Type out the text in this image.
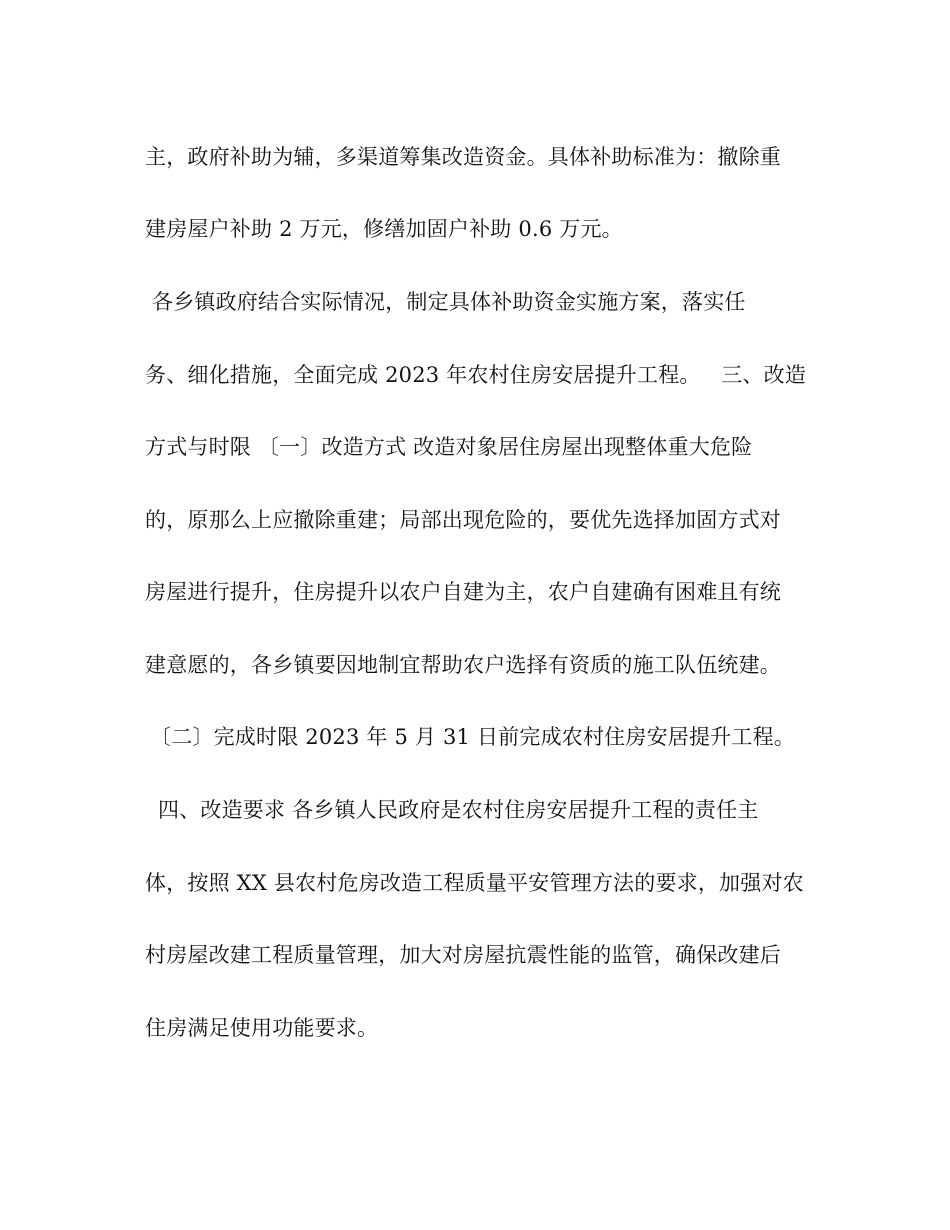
主，政府补助为辅，多渠道筹集改造资金。具体补助标准为：撤除重
建房屋户补助 2 万元，修缮加固户补助 0.6 万元。
各乡镇政府结合实际情况，制定具体补助资金实施方案，落实任
务、细化措施，全面完成 2023 年农村住房安居提升工程。   三、改造
方式与时限 〔一〕改造方式 改造对象居住房屋出现整体重大危险
的，原那么上应撤除重建；局部出现危险的，要优先选择加固方式对
房屋进行提升，住房提升以农户自建为主，农户自建确有困难且有统
建意愿的，各乡镇要因地制宜帮助农户选择有资质的施工队伍统建。
〔二〕完成时限 2023 年 5 月 31 日前完成农村住房安居提升工程。
四、改造要求 各乡镇人民政府是农村住房安居提升工程的责任主
体，按照 XX 县农村危房改造工程质量平安管理方法的要求，加强对农
村房屋改建工程质量管理，加大对房屋抗震性能的监管，确保改建后
住房满足使用功能要求。
